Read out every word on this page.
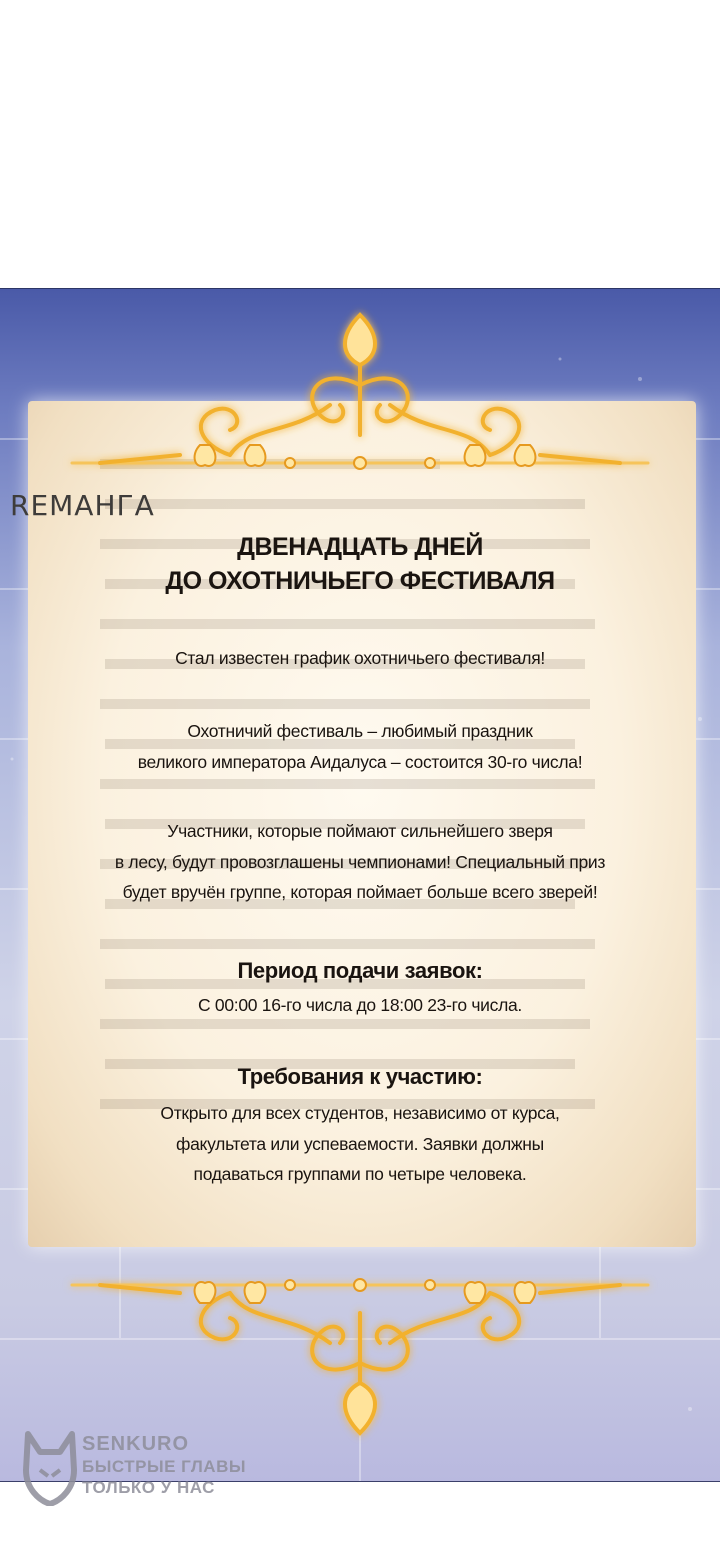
REМАНГА
ДВЕНАДЦАТЬ ДНЕЙ
ДО ОХОТНИЧЬЕГО ФЕСТИВАЛЯ
Стал известен график охотничьего фестиваля!
Охотничий фестиваль – любимый праздник
великого императора Аидалуса – состоится 30-го числа!
Участники, которые поймают сильнейшего зверя
в лесу, будут провозглашены чемпионами! Специальный приз
будет вручён группе, которая поймает больше всего зверей!
Период подачи заявок:
С 00:00 16-го числа до 18:00 23-го числа.
Требования к участию:
Открыто для всех студентов, независимо от курса,
факультета или успеваемости. Заявки должны
подаваться группами по четыре человека.
SENKURO
БЫСТРЫЕ ГЛАВЫ
ТОЛЬКО У НАС
